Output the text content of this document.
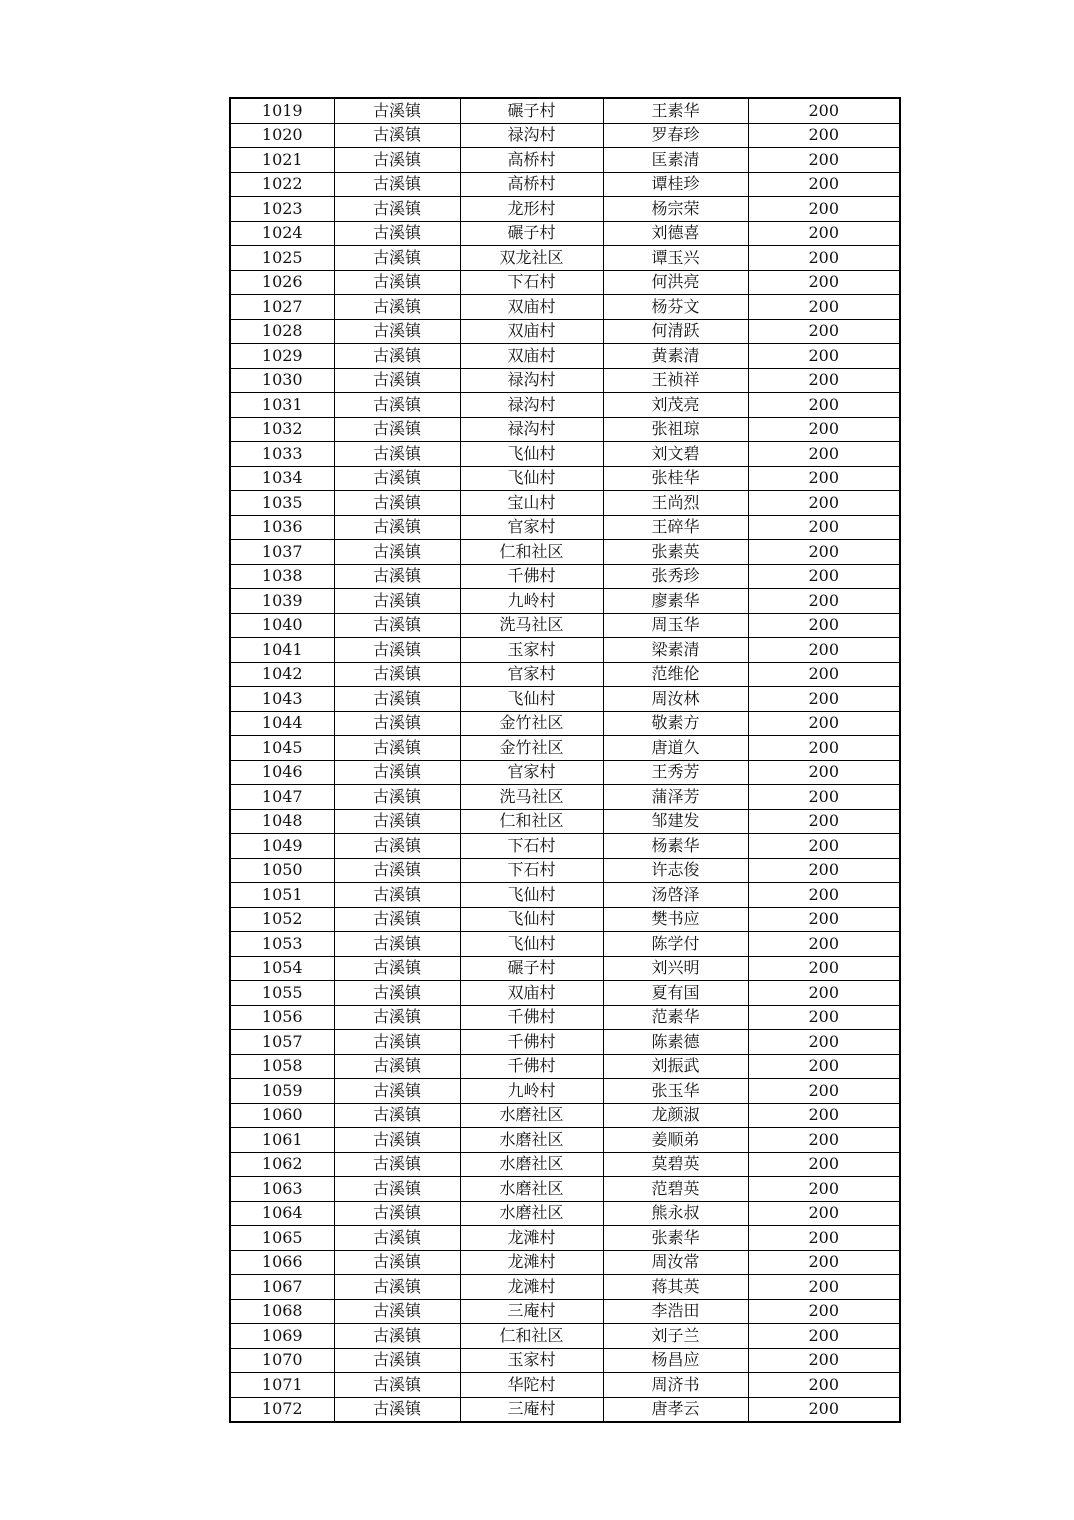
1019	古溪镇	碾子村	王素华	200
1020	古溪镇	禄沟村	罗春珍	200
1021	古溪镇	高桥村	匡素清	200
1022	古溪镇	高桥村	谭桂珍	200
1023	古溪镇	龙形村	杨宗荣	200
1024	古溪镇	碾子村	刘德喜	200
1025	古溪镇	双龙社区	谭玉兴	200
1026	古溪镇	下石村	何洪亮	200
1027	古溪镇	双庙村	杨芬文	200
1028	古溪镇	双庙村	何清跃	200
1029	古溪镇	双庙村	黄素清	200
1030	古溪镇	禄沟村	王祯祥	200
1031	古溪镇	禄沟村	刘茂亮	200
1032	古溪镇	禄沟村	张祖琼	200
1033	古溪镇	飞仙村	刘文碧	200
1034	古溪镇	飞仙村	张桂华	200
1035	古溪镇	宝山村	王尚烈	200
1036	古溪镇	官家村	王碎华	200
1037	古溪镇	仁和社区	张素英	200
1038	古溪镇	千佛村	张秀珍	200
1039	古溪镇	九岭村	廖素华	200
1040	古溪镇	洗马社区	周玉华	200
1041	古溪镇	玉家村	梁素清	200
1042	古溪镇	官家村	范维伦	200
1043	古溪镇	飞仙村	周汝林	200
1044	古溪镇	金竹社区	敬素方	200
1045	古溪镇	金竹社区	唐道久	200
1046	古溪镇	官家村	王秀芳	200
1047	古溪镇	洗马社区	蒲泽芳	200
1048	古溪镇	仁和社区	邹建发	200
1049	古溪镇	下石村	杨素华	200
1050	古溪镇	下石村	许志俊	200
1051	古溪镇	飞仙村	汤啓泽	200
1052	古溪镇	飞仙村	樊书应	200
1053	古溪镇	飞仙村	陈学付	200
1054	古溪镇	碾子村	刘兴明	200
1055	古溪镇	双庙村	夏有国	200
1056	古溪镇	千佛村	范素华	200
1057	古溪镇	千佛村	陈素德	200
1058	古溪镇	千佛村	刘振武	200
1059	古溪镇	九岭村	张玉华	200
1060	古溪镇	水磨社区	龙颜淑	200
1061	古溪镇	水磨社区	姜顺弟	200
1062	古溪镇	水磨社区	莫碧英	200
1063	古溪镇	水磨社区	范碧英	200
1064	古溪镇	水磨社区	熊永叔	200
1065	古溪镇	龙滩村	张素华	200
1066	古溪镇	龙滩村	周汝常	200
1067	古溪镇	龙滩村	蒋其英	200
1068	古溪镇	三庵村	李浩田	200
1069	古溪镇	仁和社区	刘子兰	200
1070	古溪镇	玉家村	杨昌应	200
1071	古溪镇	华陀村	周济书	200
1072	古溪镇	三庵村	唐孝云	200
